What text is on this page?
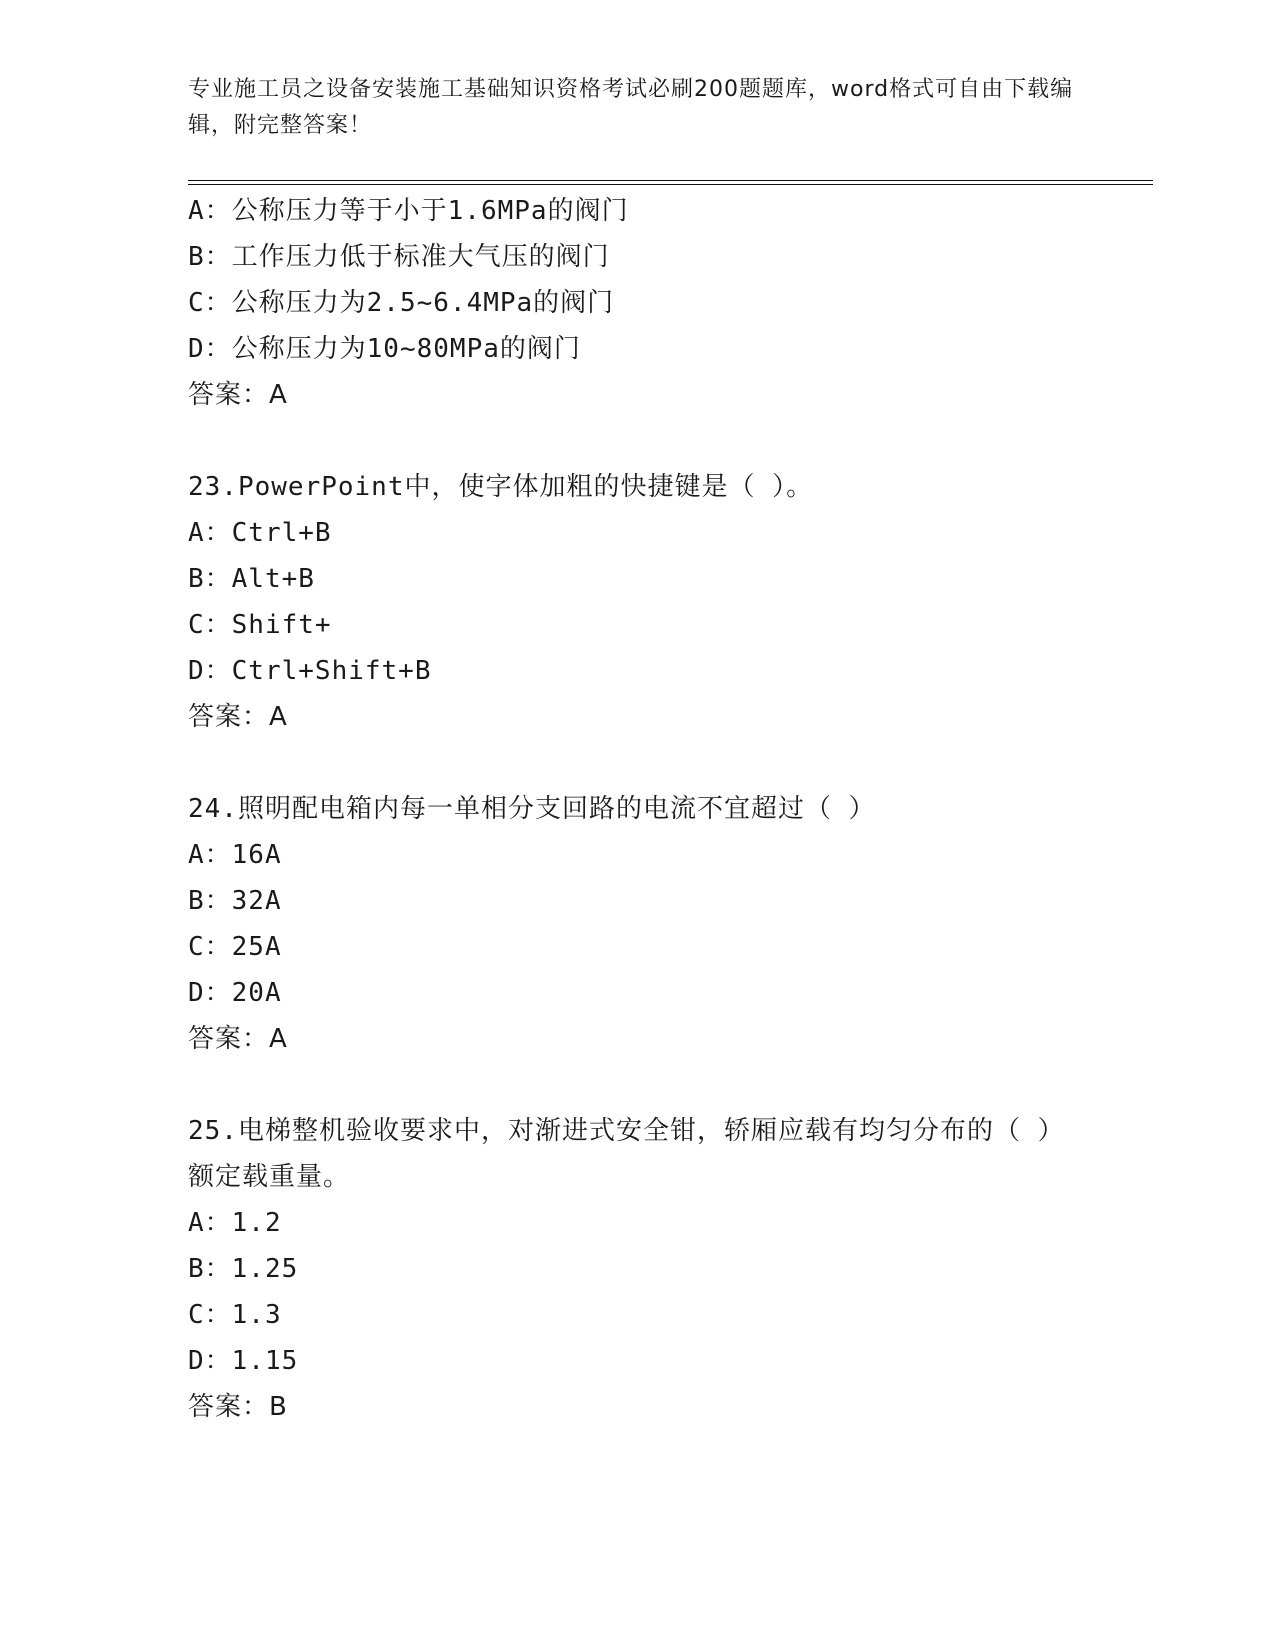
专业施工员之设备安装施工基础知识资格考试必刷200题题库，word格式可自由下载编辑，附完整答案！
A：公称压力等于小于1.6MPa的阀门
B：工作压力低于标准大气压的阀门
C：公称压力为2.5~6.4MPa的阀门
D：公称压力为10~80MPa的阀门
答案：A
23.PowerPoint中，使字体加粗的快捷键是（ ）。
A：Ctrl+B
B：Alt+B
C：Shift+
D：Ctrl+Shift+B
答案：A
24.照明配电箱内每一单相分支回路的电流不宜超过（ ）
A：16A
B：32A
C：25A
D：20A
答案：A
25.电梯整机验收要求中，对渐进式安全钳，轿厢应载有均匀分布的（ ）额定载重量。
A：1.2
B：1.25
C：1.3
D：1.15
答案：B
